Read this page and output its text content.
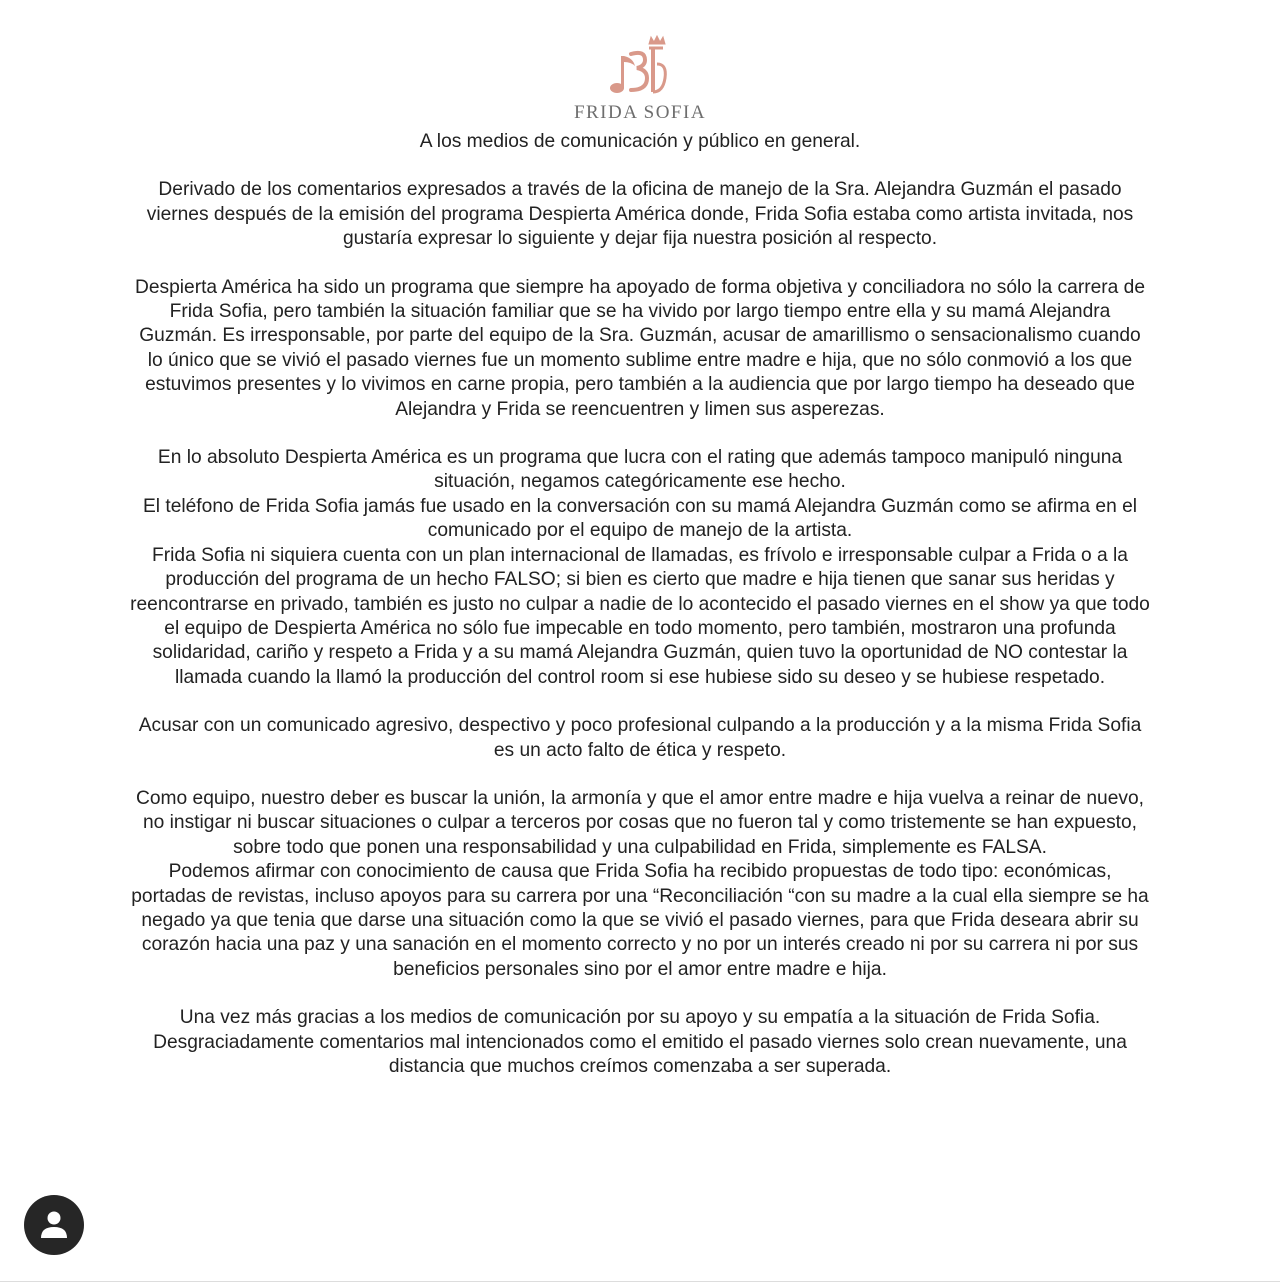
FRIDA SOFIA

A los medios de comunicación y público en general.

Derivado de los comentarios expresados a través de la oficina de manejo de la Sra. Alejandra Guzmán el pasado viernes después de la emisión del programa Despierta América donde, Frida Sofia estaba como artista invitada, nos gustaría expresar lo siguiente y dejar fija nuestra posición al respecto.

Despierta América ha sido un programa que siempre ha apoyado de forma objetiva y conciliadora no sólo la carrera de Frida Sofia, pero también la situación familiar que se ha vivido por largo tiempo entre ella y su mamá Alejandra Guzmán. Es irresponsable, por parte del equipo de la Sra. Guzmán, acusar de amarillismo o sensacionalismo cuando lo único que se vivió el pasado viernes fue un momento sublime entre madre e hija, que no sólo conmovió a los que estuvimos presentes y lo vivimos en carne propia, pero también a la audiencia que por largo tiempo ha deseado que Alejandra y Frida se reencuentren y limen sus asperezas.

En lo absoluto Despierta América es un programa que lucra con el rating que además tampoco manipuló ninguna situación, negamos categóricamente ese hecho.

El teléfono de Frida Sofia jamás fue usado en la conversación con su mamá Alejandra Guzmán como se afirma en el comunicado por el equipo de manejo de la artista.

Frida Sofia ni siquiera cuenta con un plan internacional de llamadas, es frívolo e irresponsable culpar a Frida o a la producción del programa de un hecho FALSO; si bien es cierto que madre e hija tienen que sanar sus heridas y reencontrarse en privado, también es justo no culpar a nadie de lo acontecido el pasado viernes en el show ya que todo el equipo de Despierta América no sólo fue impecable en todo momento, pero también, mostraron una profunda solidaridad, cariño y respeto a Frida y a su mamá Alejandra Guzmán, quien tuvo la oportunidad de NO contestar la llamada cuando la llamó la producción del control room si ese hubiese sido su deseo y se hubiese respetado.

Acusar con un comunicado agresivo, despectivo y poco profesional culpando a la producción y a la misma Frida Sofia es un acto falto de ética y respeto.

Como equipo, nuestro deber es buscar la unión, la armonía y que el amor entre madre e hija vuelva a reinar de nuevo, no instigar ni buscar situaciones o culpar a terceros por cosas que no fueron tal y como tristemente se han expuesto, sobre todo que ponen una responsabilidad y una culpabilidad en Frida, simplemente es FALSA.

Podemos afirmar con conocimiento de causa que Frida Sofia ha recibido propuestas de todo tipo: económicas, portadas de revistas, incluso apoyos para su carrera por una “Reconciliación “con su madre a la cual ella siempre se ha negado ya que tenia que darse una situación como la que se vivió el pasado viernes, para que Frida deseara abrir su corazón hacia una paz y una sanación en el momento correcto y no por un interés creado ni por su carrera ni por sus beneficios personales sino por el amor entre madre e hija.

Una vez más gracias a los medios de comunicación por su apoyo y su empatía a la situación de Frida Sofia. Desgraciadamente comentarios mal intencionados como el emitido el pasado viernes solo crean nuevamente, una distancia que muchos creímos comenzaba a ser superada.
